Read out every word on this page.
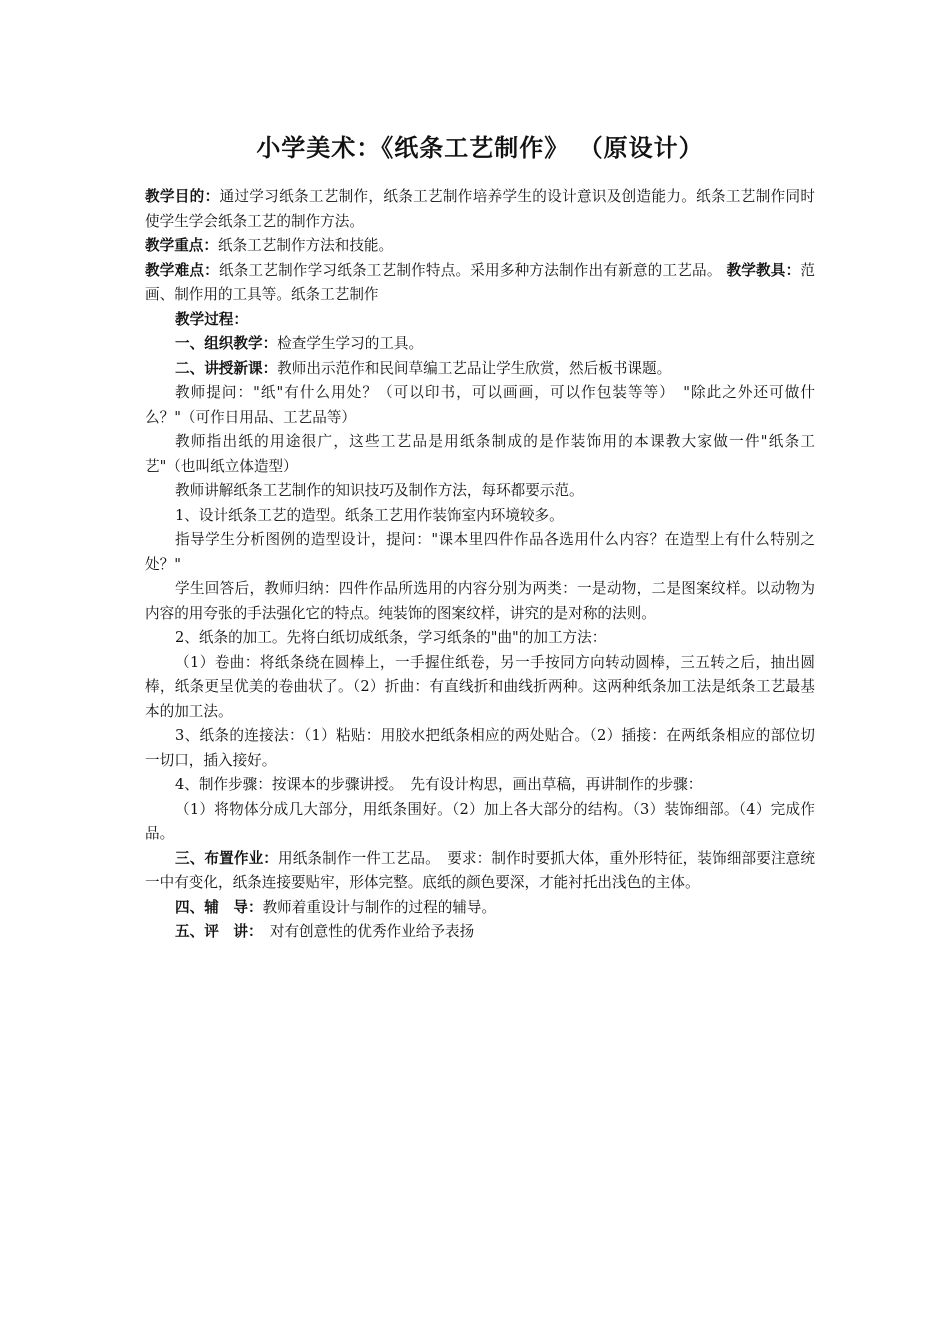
小学美术：《纸条工艺制作》 （原设计）

教学目的：通过学习纸条工艺制作，纸条工艺制作培养学生的设计意识及创造能力。纸条工艺制作同时使学生学会纸条工艺的制作方法。

教学重点：纸条工艺制作方法和技能。

教学难点：纸条工艺制作学习纸条工艺制作特点。采用多种方法制作出有新意的工艺品。 教学教具：范画、制作用的工具等。纸条工艺制作

教学过程：

一、组织教学：检查学生学习的工具。

二、讲授新课：教师出示范作和民间草编工艺品让学生欣赏，然后板书课题。

教师提问："纸"有什么用处？（可以印书，可以画画，可以作包装等等）　"除此之外还可做什么？"（可作日用品、工艺品等）

教师指出纸的用途很广，这些工艺品是用纸条制成的是作装饰用的本课教大家做一件"纸条工艺"（也叫纸立体造型）

教师讲解纸条工艺制作的知识技巧及制作方法，每环都要示范。

1、设计纸条工艺的造型。纸条工艺用作装饰室内环境较多。

指导学生分析图例的造型设计，提问："课本里四件作品各选用什么内容？在造型上有什么特别之处？"

学生回答后，教师归纳：四件作品所选用的内容分别为两类：一是动物，二是图案纹样。以动物为内容的用夸张的手法强化它的特点。纯装饰的图案纹样，讲究的是对称的法则。

2、纸条的加工。先将白纸切成纸条，学习纸条的"曲"的加工方法：

（1）卷曲：将纸条绕在圆棒上，一手握住纸卷，另一手按同方向转动圆棒，三五转之后，抽出圆棒，纸条更呈优美的卷曲状了。（2）折曲：有直线折和曲线折两种。这两种纸条加工法是纸条工艺最基本的加工法。

3、纸条的连接法：（1）粘贴：用胶水把纸条相应的两处贴合。（2）插接：在两纸条相应的部位切一切口，插入接好。

4、制作步骤：按课本的步骤讲授。　先有设计构思，画出草稿，再讲制作的步骤：

（1）将物体分成几大部分，用纸条围好。（2）加上各大部分的结构。（3）装饰细部。（4）完成作品。

三、布置作业：用纸条制作一件工艺品。　要求：制作时要抓大体，重外形特征，装饰细部要注意统一中有变化，纸条连接要贴牢，形体完整。底纸的颜色要深，才能衬托出浅色的主体。

四、辅　导：教师着重设计与制作的过程的辅导。

五、评　讲：　对有创意性的优秀作业给予表扬
